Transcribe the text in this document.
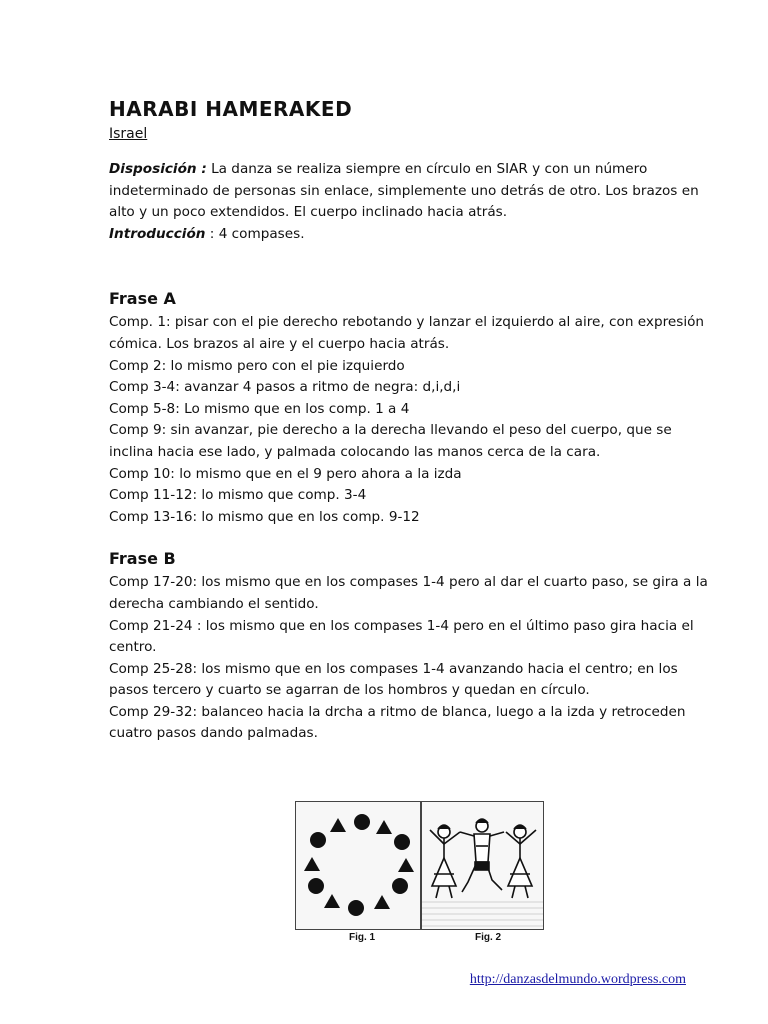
HARABI HAMERAKED
Israel

Disposición : La danza se realiza siempre en círculo en SIAR y con un número indeterminado de personas sin enlace, simplemente uno detrás de otro. Los brazos en alto y un poco extendidos. El cuerpo inclinado hacia atrás.

Introducción : 4 compases.

Frase A

Comp. 1: pisar con el pie derecho rebotando y lanzar el izquierdo al aire, con expresión cómica. Los brazos al aire y el cuerpo hacia atrás.

Comp 2: lo mismo pero con el pie izquierdo

Comp 3-4: avanzar 4 pasos a ritmo de negra: d,i,d,i

Comp 5-8: Lo mismo que en los comp. 1 a 4

Comp 9: sin avanzar, pie derecho a la derecha llevando el peso del cuerpo, que se inclina hacia ese lado, y palmada colocando las manos cerca de la cara.

Comp 10: lo mismo que en el 9 pero ahora a la izda

Comp 11-12: lo mismo que comp. 3-4

Comp 13-16: lo mismo que en los comp. 9-12

Frase B

Comp 17-20: los mismo que en los compases 1-4 pero al dar el cuarto paso, se gira a la derecha cambiando el sentido.

Comp 21-24 : los mismo que en los compases 1-4 pero en el último paso gira hacia el centro.

Comp 25-28: los mismo que en los compases 1-4 avanzando hacia el centro; en los pasos tercero y cuarto se agarran de los hombros y quedan en círculo.

Comp 29-32: balanceo hacia la drcha a ritmo de blanca, luego a la izda y retroceden cuatro pasos dando palmadas.

Fig. 1	Fig. 2
http://danzasdelmundo.wordpress.com
